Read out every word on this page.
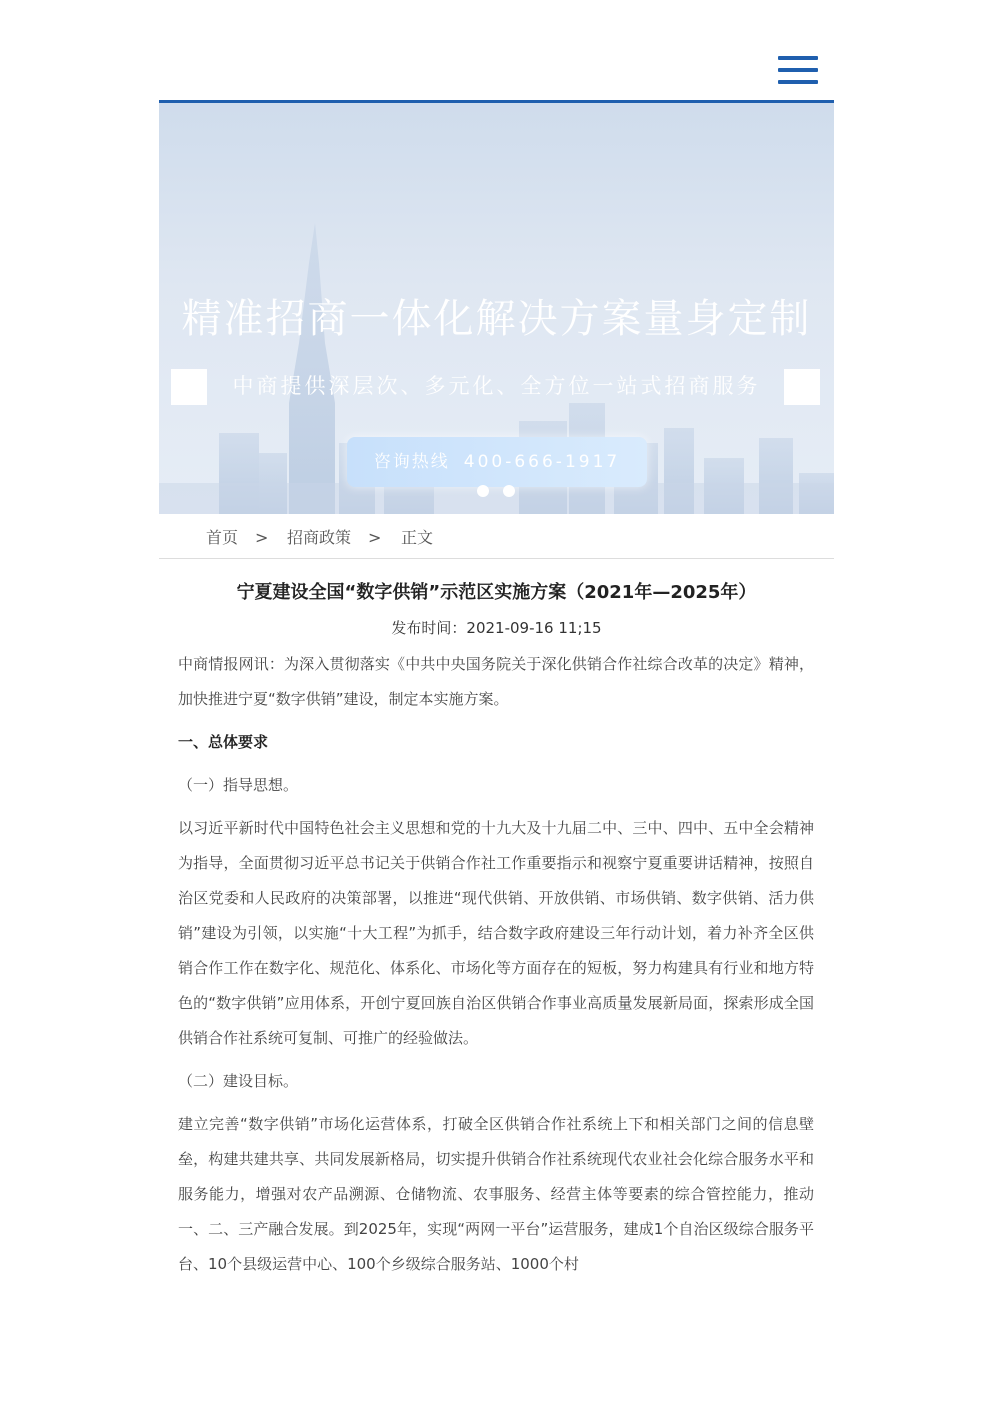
精准招商一体化解决方案量身定制
中商提供深层次、多元化、全方位一站式招商服务
咨询热线 400-666-1917
首页 > 招商政策 > 正文
宁夏建设全国“数字供销”示范区实施方案（2021年—2025年）
发布时间：2021-09-16 11;15

中商情报网讯：为深入贯彻落实《中共中央国务院关于深化供销合作社综合改革的决定》精神，加快推进宁夏“数字供销”建设，制定本实施方案。

一、总体要求

（一）指导思想。

以习近平新时代中国特色社会主义思想和党的十九大及十九届二中、三中、四中、五中全会精神为指导，全面贯彻习近平总书记关于供销合作社工作重要指示和视察宁夏重要讲话精神，按照自治区党委和人民政府的决策部署，以推进“现代供销、开放供销、市场供销、数字供销、活力供销”建设为引领，以实施“十大工程”为抓手，结合数字政府建设三年行动计划，着力补齐全区供销合作工作在数字化、规范化、体系化、市场化等方面存在的短板，努力构建具有行业和地方特色的“数字供销”应用体系，开创宁夏回族自治区供销合作事业高质量发展新局面，探索形成全国供销合作社系统可复制、可推广的经验做法。

（二）建设目标。

建立完善“数字供销”市场化运营体系，打破全区供销合作社系统上下和相关部门之间的信息壁垒，构建共建共享、共同发展新格局，切实提升供销合作社系统现代农业社会化综合服务水平和服务能力，增强对农产品溯源、仓储物流、农事服务、经营主体等要素的综合管控能力，推动一、二、三产融合发展。到2025年，实现“两网一平台”运营服务，建成1个自治区级综合服务平台、10个县级运营中心、100个乡级综合服务站、1000个村
